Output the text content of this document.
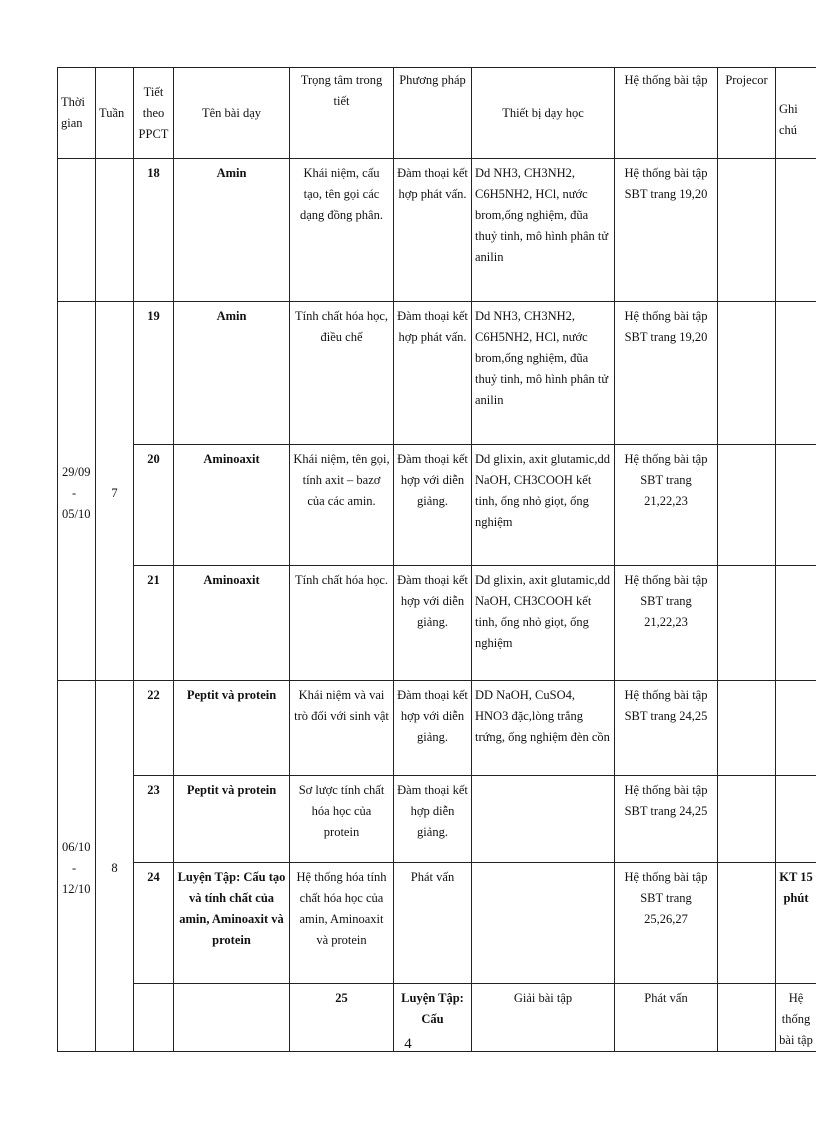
Thời gian	Tuần	Tiết theo PPCT	Tên bài dạy	Trọng tâm trong tiết	Phương pháp	Thiết bị dạy học	Hệ thống bài tập	Projecor	Ghi chú	
		18	Amin	Khái niệm, cấu tạo, tên gọi các dạng đồng phân.	Đàm thoại kết hợp phát vấn.	Dd NH3, CH3NH2, C6H5NH2, HCl, nước brom,ống nghiệm, đũa thuỷ tinh, mô hình phân tử anilin	Hệ thống bài tập SBT trang 19,20			

29/09
-
05/10	7	19	Amin	Tính chất hóa học, điều chế	Đàm thoại kết hợp phát vấn.	Dd NH3, CH3NH2, C6H5NH2, HCl, nước brom,ống nghiệm, đũa thuỷ tinh, mô hình phân tử anilin	Hệ thống bài tập SBT trang 19,20			
		20	Aminoaxit	Khái niệm, tên gọi, tính axit – bazơ của các amin.	Đàm thoại kết hợp với diễn giảng.	Dd glixin, axit glutamic,dd NaOH, CH3COOH kết tinh, ống nhỏ giọt, ống nghiệm	Hệ thống bài tập SBT trang 21,22,23			
		21	Aminoaxit	Tính chất hóa học.	Đàm thoại kết hợp với diễn giảng.	Dd glixin, axit glutamic,dd NaOH, CH3COOH kết tinh, ống nhỏ giọt, ống nghiệm	Hệ thống bài tập SBT trang 21,22,23			

06/10
-
12/10	8	22	Peptit và protein	Khái niệm và vai trò đối với sinh vật	Đàm thoại kết hợp với diễn giảng.	DD NaOH, CuSO4, HNO3 đặc,lòng trắng trứng, ống nghiệm đèn cồn	Hệ thống bài tập SBT trang 24,25			
		23	Peptit và protein	Sơ lược tính chất hóa học của protein	Đàm thoại kết hợp diễn giảng.		Hệ thống bài tập SBT trang 24,25			
		24	Luyện Tập: Cấu tạo và tính chất của amin, Aminoaxit và protein	Hệ thống hóa tính chất hóa học của amin, Aminoaxit và protein	Phát vấn		Hệ thống bài tập SBT trang 25,26,27		KT 15 phút	
				25	Luyện Tập: Cấu	Giải bài tập	Phát vấn		Hệ thống bài tập		
4
